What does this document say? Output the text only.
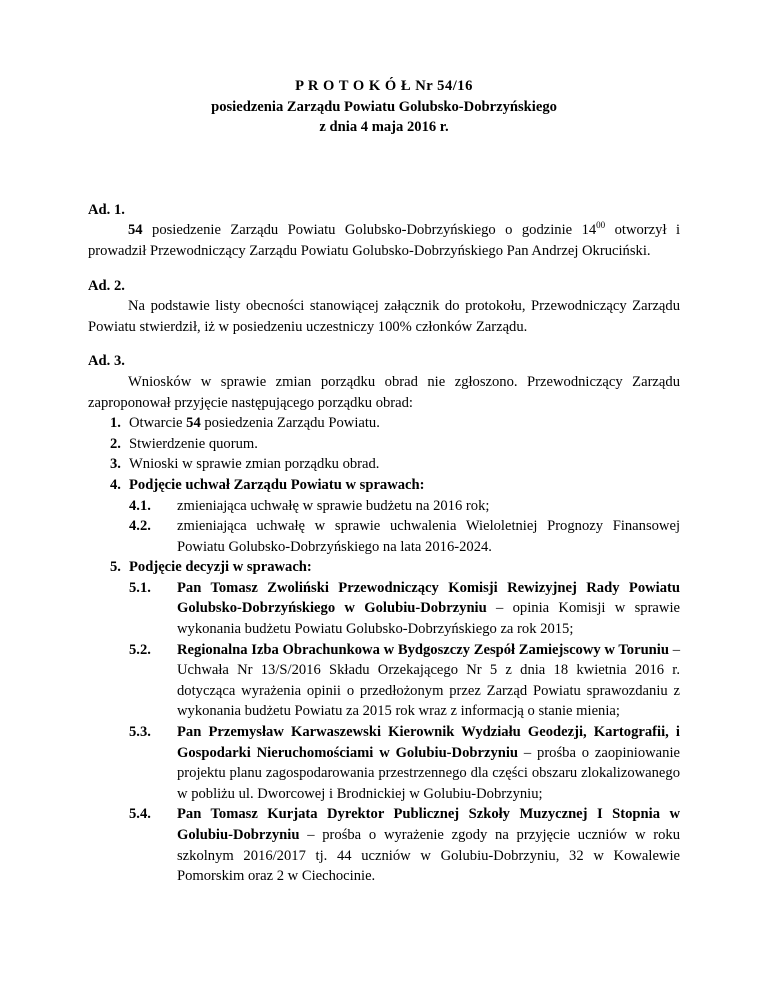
P R O T O K Ó Ł Nr 54/16

posiedzenia Zarządu Powiatu Golubsko-Dobrzyńskiego

z dnia 4 maja 2016 r.

Ad. 1.

54 posiedzenie Zarządu Powiatu Golubsko-Dobrzyńskiego o godzinie $14^{00}$ otworzył i prowadził Przewodniczący Zarządu Powiatu Golubsko-Dobrzyńskiego Pan Andrzej Okruciński.

Ad. 2.

Na podstawie listy obecności stanowiącej załącznik do protokołu, Przewodniczący Zarządu Powiatu stwierdził, iż w posiedzeniu uczestniczy 100% członków Zarządu.

Ad. 3.

Wniosków w sprawie zmian porządku obrad nie zgłoszono. Przewodniczący Zarządu zaproponował przyjęcie następującego porządku obrad:

1. Otwarcie 54 posiedzenia Zarządu Powiatu.
2. Stwierdzenie quorum.
3. Wnioski w sprawie zmian porządku obrad.
4. Podjęcie uchwał Zarządu Powiatu w sprawach:
4.1. zmieniająca uchwałę w sprawie budżetu na 2016 rok;
4.2. zmieniająca uchwałę w sprawie uchwalenia Wieloletniej Prognozy Finansowej Powiatu Golubsko-Dobrzyńskiego na lata 2016-2024.
5. Podjęcie decyzji w sprawach:
5.1. Pan Tomasz Zwoliński Przewodniczący Komisji Rewizyjnej Rady Powiatu Golubsko-Dobrzyńskiego w Golubiu-Dobrzyniu – opinia Komisji w sprawie wykonania budżetu Powiatu Golubsko-Dobrzyńskiego za rok 2015;
5.2. Regionalna Izba Obrachunkowa w Bydgoszczy Zespół Zamiejscowy w Toruniu – Uchwała Nr 13/S/2016 Składu Orzekającego Nr 5 z dnia 18 kwietnia 2016 r. dotycząca wyrażenia opinii o przedłożonym przez Zarząd Powiatu sprawozdaniu z wykonania budżetu Powiatu za 2015 rok wraz z informacją o stanie mienia;
5.3. Pan Przemysław Karwaszewski Kierownik Wydziału Geodezji, Kartografii, i Gospodarki Nieruchomościami w Golubiu-Dobrzyniu – prośba o zaopiniowanie projektu planu zagospodarowania przestrzennego dla części obszaru zlokalizowanego w pobliżu ul. Dworcowej i Brodnickiej w Golubiu-Dobrzyniu;
5.4. Pan Tomasz Kurjata Dyrektor Publicznej Szkoły Muzycznej I Stopnia w Golubiu-Dobrzyniu – prośba o wyrażenie zgody na przyjęcie uczniów w roku szkolnym 2016/2017 tj. 44 uczniów w Golubiu-Dobrzyniu, 32 w Kowalewie Pomorskim oraz 2 w Ciechocinie.
